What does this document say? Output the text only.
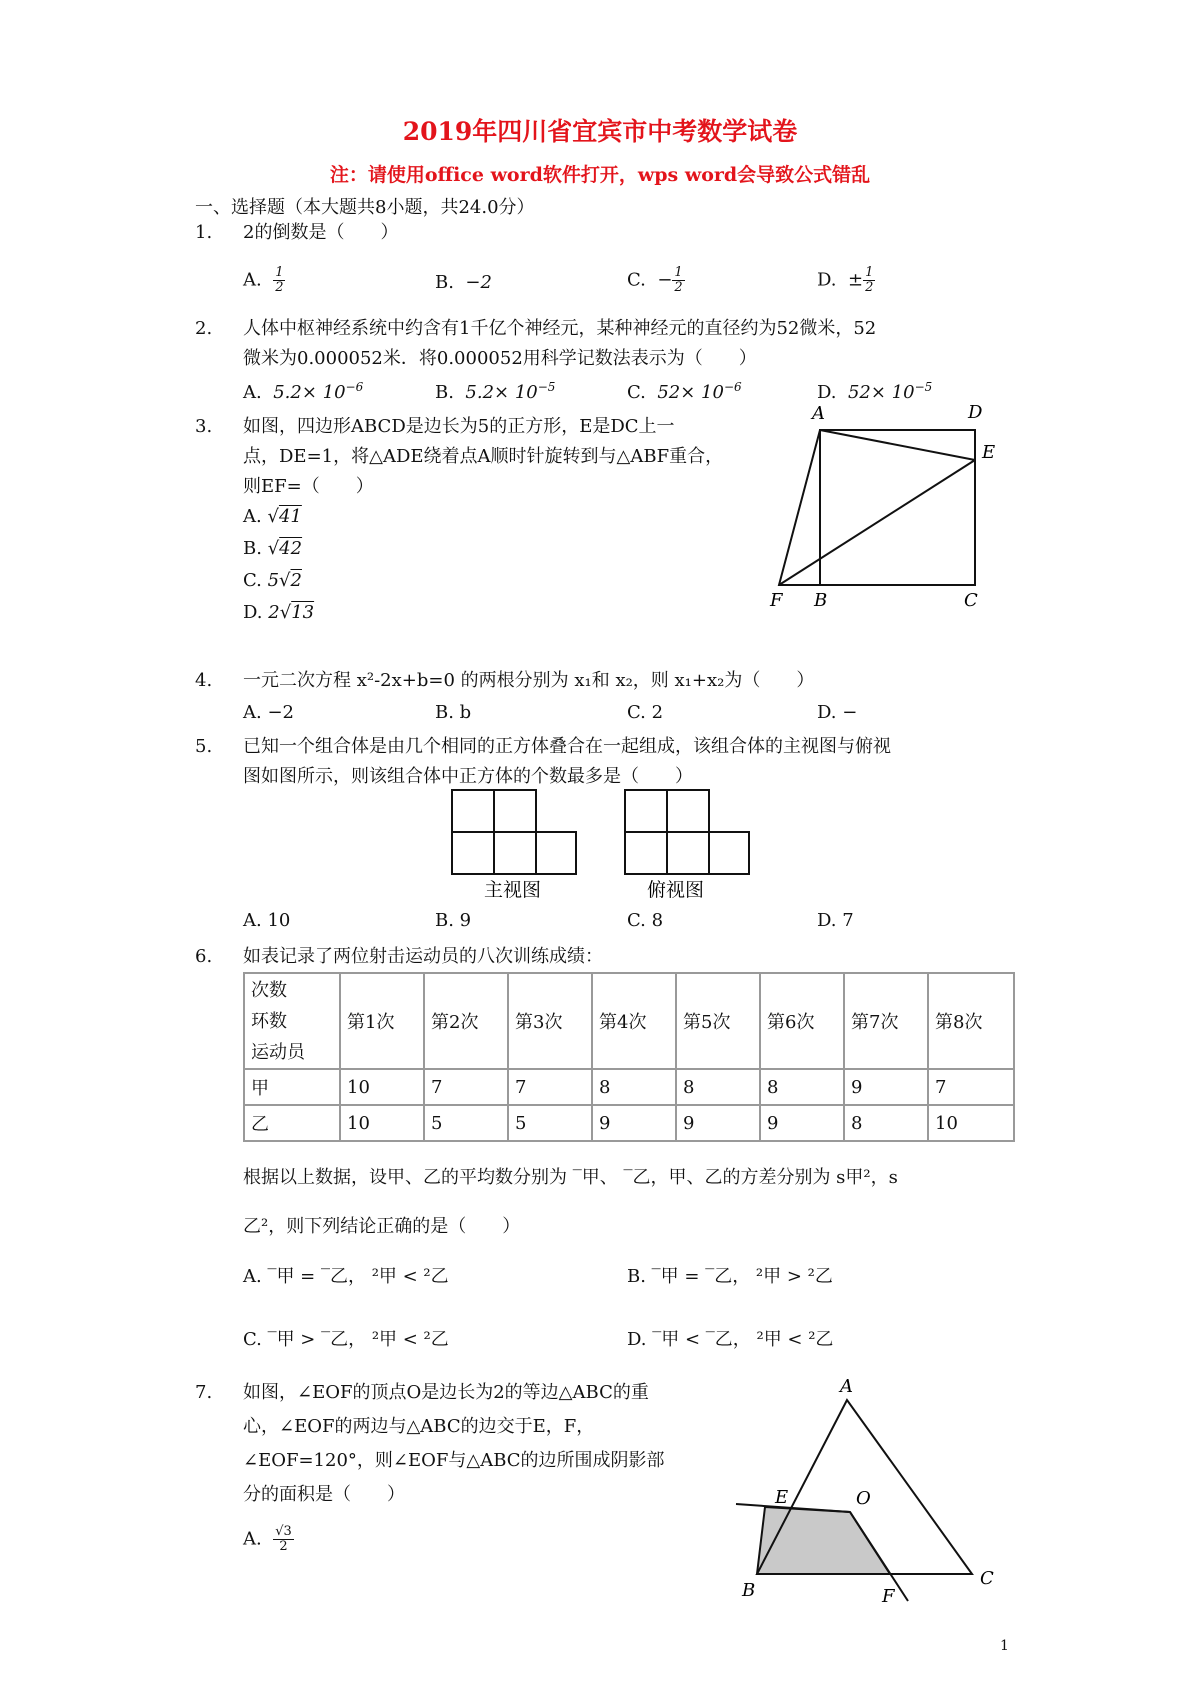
2019年四川省宜宾市中考数学试卷
注：请使用office word软件打开，wps word会导致公式错乱
一、选择题（本大题共8小题，共24.0分）
1. 2的倒数是（　　）
A. $\frac{1}{2}$	B. −2	C. − $\frac{1}{2}$	D. ± $\frac{1}{2}$
2. 人体中枢神经系统中约含有1千亿个神经元，某种神经元的直径约为52微米，52
微米为0.000052米．将0.000052用科学记数法表示为（　　）
A. $5.2\times 10^{-6}$	B. $5.2\times 10^{-5}$	C. $52\times 10^{-6}$	D. $52\times 10^{-5}$
3. 如图，四边形ABCD是边长为5的正方形，E是DC上一
点，DE=1，将△ADE绕着点A顺时针旋转到与△ABF重合，
则EF=（　　）
A. √41
B. √42
C. 5√2
D. 2√13
A	D
E
F B	C
4. 一元二次方程 x²-2x+b=0 的两根分别为 x₁和 x₂，则 x₁+x₂为（　　）
A. −2	B. b	C. 2	D. −
5. 已知一个组合体是由几个相同的正方体叠合在一起组成，该组合体的主视图与俯视
图如图所示，则该组合体中正方体的个数最多是（　　）
主视图	俯视图
A. 10	B. 9	C. 8	D. 7
6. 如表记录了两位射击运动员的八次训练成绩：
次数
环数
运动员	第1次	第2次	第3次	第4次	第5次	第6次	第7次	第8次
甲	10	7	7	8	8	8	9	7
乙	10	5	5	9	9	9	8	10
根据以上数据，设甲、乙的平均数分别为 ‾甲、 ‾乙，甲、乙的方差分别为 s甲²，s
乙²，则下列结论正确的是（　　）
A. ‾甲 = ‾乙， ²甲 < ²乙	B. ‾甲 = ‾乙， ²甲 > ²乙
C. ‾甲 > ‾乙， ²甲 < ²乙	D. ‾甲 < ‾乙， ²甲 < ²乙
7. 如图，∠EOF的顶点O是边长为2的等边△ABC的重
心，∠EOF的两边与△ABC的边交于E，F，
∠EOF=120°，则∠EOF与△ABC的边所围成阴影部
分的面积是（　　）
A. $\frac{√3}{2}$
A
E	O
B
C
F
1
